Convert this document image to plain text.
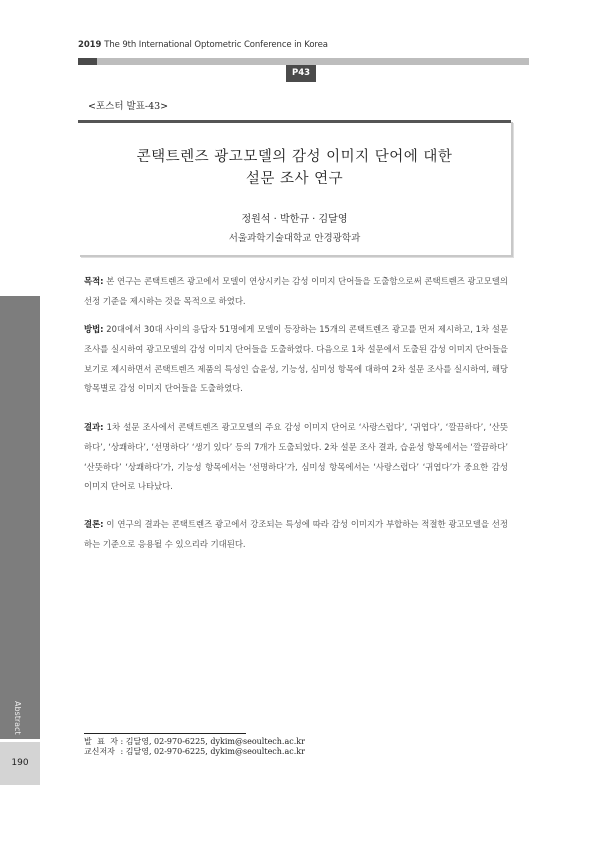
2019 The 9th International Optometric Conference in Korea
P43
<포스터 발표-43>
콘택트렌즈 광고모델의 감성 이미지 단어에 대한
설문 조사 연구
정원석 · 박한규 · 김달영
서울과학기술대학교 안경광학과
목적: 본 연구는 콘택트렌즈 광고에서 모델이 연상시키는 감성 이미지 단어들을 도출함으로써 콘택트렌즈 광고모델의 선정 기준을 제시하는 것을 목적으로 하였다.
방법: 20대에서 30대 사이의 응답자 51명에게 모델이 등장하는 15개의 콘택트렌즈 광고를 먼저 제시하고, 1차 설문 조사를 실시하여 광고모델의 감성 이미지 단어들을 도출하였다. 다음으로 1차 설문에서 도출된 감성 이미지 단어들을 보기로 제시하면서 콘택트렌즈 제품의 특성인 습윤성, 기능성, 심미성 항목에 대하여 2차 설문 조사를 실시하여, 해당 항목별로 감성 이미지 단어들을 도출하였다.
결과: 1차 설문 조사에서 콘택트렌즈 광고모델의 주요 감성 이미지 단어로 ‘사랑스럽다’, ‘귀엽다’, ‘깔끔하다’, ‘산뜻하다’, ‘상쾌하다’, ‘선명하다’ ‘생기 있다’ 등의 7개가 도출되었다. 2차 설문 조사 결과, 습윤성 항목에서는 ‘깔끔하다’ ‘산뜻하다’ ‘상쾌하다’가, 기능성 항목에서는 ‘선명하다’가, 심미성 항목에서는 ‘사랑스럽다’ ‘귀엽다’가 중요한 감성 이미지 단어로 나타났다.
결론: 이 연구의 결과는 콘택트렌즈 광고에서 강조되는 특성에 따라 감성 이미지가 부합하는 적절한 광고모델을 선정하는 기준으로 응용될 수 있으리라 기대된다.
Abstract
190
발 표 자 : 김달영, 02-970-6225, dykim@seoultech.ac.kr
교신저자 : 김달영, 02-970-6225, dykim@seoultech.ac.kr
